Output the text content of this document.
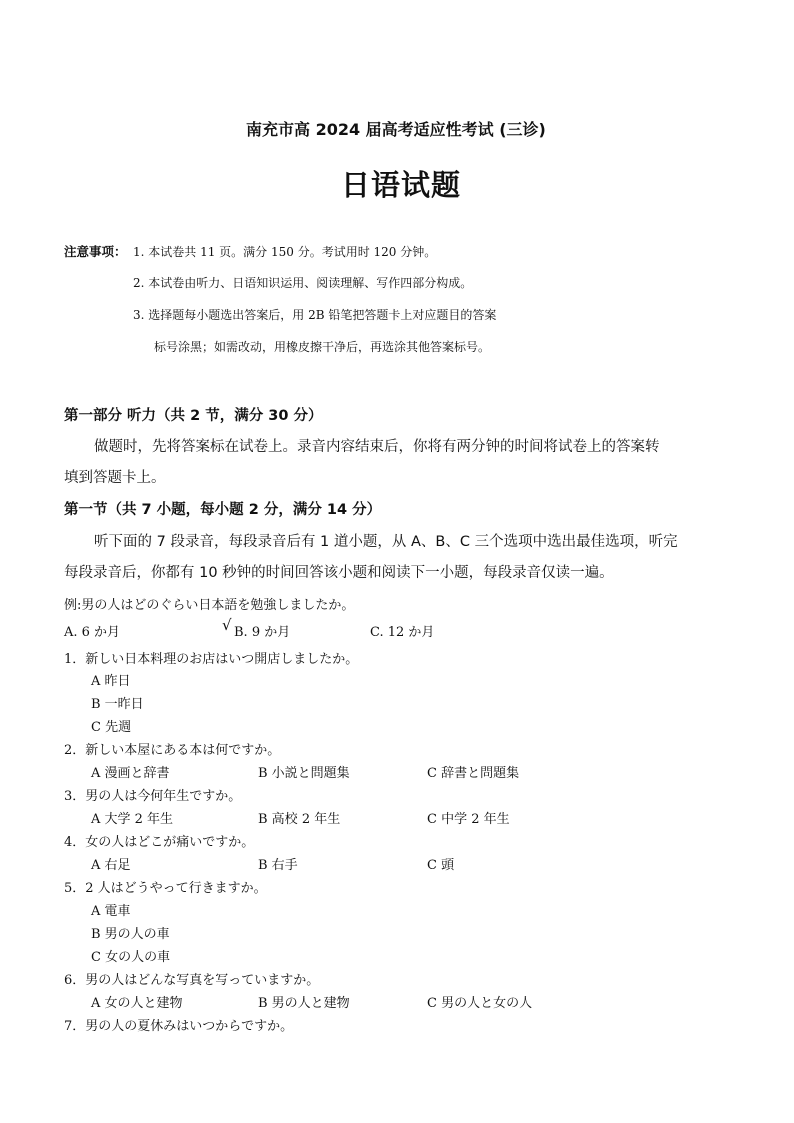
南充市高 2024 届高考适应性考试 (三诊)
日语试题
注意事项： 1. 本试卷共 11 页。满分 150 分。考试用时 120 分钟。
2. 本试卷由听力、日语知识运用、阅读理解、写作四部分构成。
3. 选择题每小题选出答案后，用 2B 铅笔把答题卡上对应题目的答案
标号涂黑；如需改动，用橡皮擦干净后，再选涂其他答案标号。
第一部分 听力（共 2 节，满分 30 分）
做题时，先将答案标在试卷上。录音内容结束后，你将有两分钟的时间将试卷上的答案转
填到答题卡上。
第一节（共 7 小题，每小题 2 分，满分 14 分）
听下面的 7 段录音，每段录音后有 1 道小题，从 A、B、C 三个选项中选出最佳选项，听完
每段录音后，你都有 10 秒钟的时间回答该小题和阅读下一小题，每段录音仅读一遍。
例:男の人はどのぐらい日本語を勉強しましたか。
A. 6 か月	√ B. 9 か月	C. 12 か月
1．新しい日本料理のお店はいつ開店しましたか。
A 昨日
B 一昨日
C 先週
2．新しい本屋にある本は何ですか。
A 漫画と辞書	B 小説と問題集	C 辞書と問題集
3．男の人は今何年生ですか。
A 大学 2 年生	B 高校 2 年生	C 中学 2 年生
4．女の人はどこが痛いですか。
A 右足	B 右手	C 頭
5．2 人はどうやって行きますか。
A 電車
B 男の人の車
C 女の人の車
6．男の人はどんな写真を写っていますか。
A 女の人と建物	B 男の人と建物	C 男の人と女の人
7．男の人の夏休みはいつからですか。
